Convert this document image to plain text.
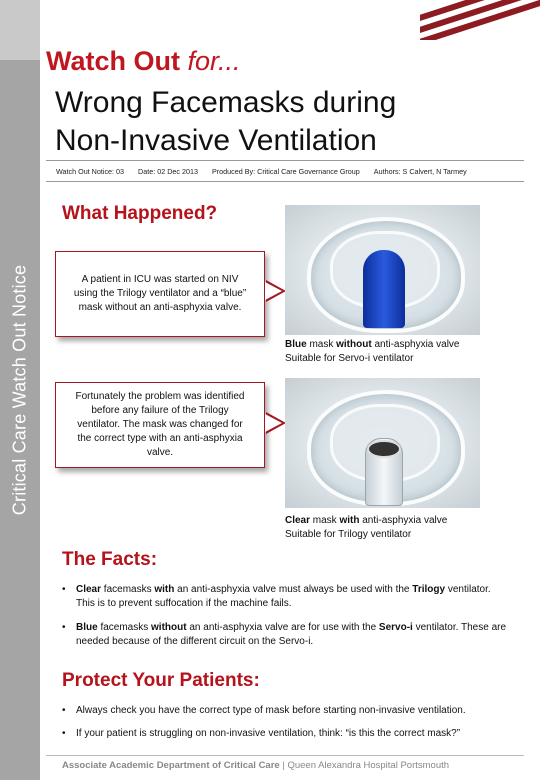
Critical Care Watch Out Notice
Watch Out for...
Wrong Facemasks during
Non-Invasive Ventilation
Watch Out Notice: 03 Date: 02 Dec 2013 Produced By: Critical Care Governance Group Authors: S Calvert, N Tarmey
What Happened?
A patient in ICU was started on NIV using the Trilogy ventilator and a “blue” mask without an anti-asphyxia valve.
Fortunately the problem was identified before any failure of the Trilogy ventilator. The mask was changed for the correct type with an anti-asphyxia valve.
Blue mask without anti-asphyxia valve
Suitable for Servo-i ventilator
Clear mask with anti-asphyxia valve
Suitable for Trilogy ventilator
The Facts:
• Clear facemasks with an anti-asphyxia valve must always be used with the Trilogy ventilator. This is to prevent suffocation if the machine fails.
• Blue facemasks without an anti-asphyxia valve are for use with the Servo-i ventilator. These are needed because of the different circuit on the Servo-i.
Protect Your Patients:
• Always check you have the correct type of mask before starting non-invasive ventilation.
• If your patient is struggling on non-invasive ventilation, think: “is this the correct mask?”
Associate Academic Department of Critical Care | Queen Alexandra Hospital Portsmouth
